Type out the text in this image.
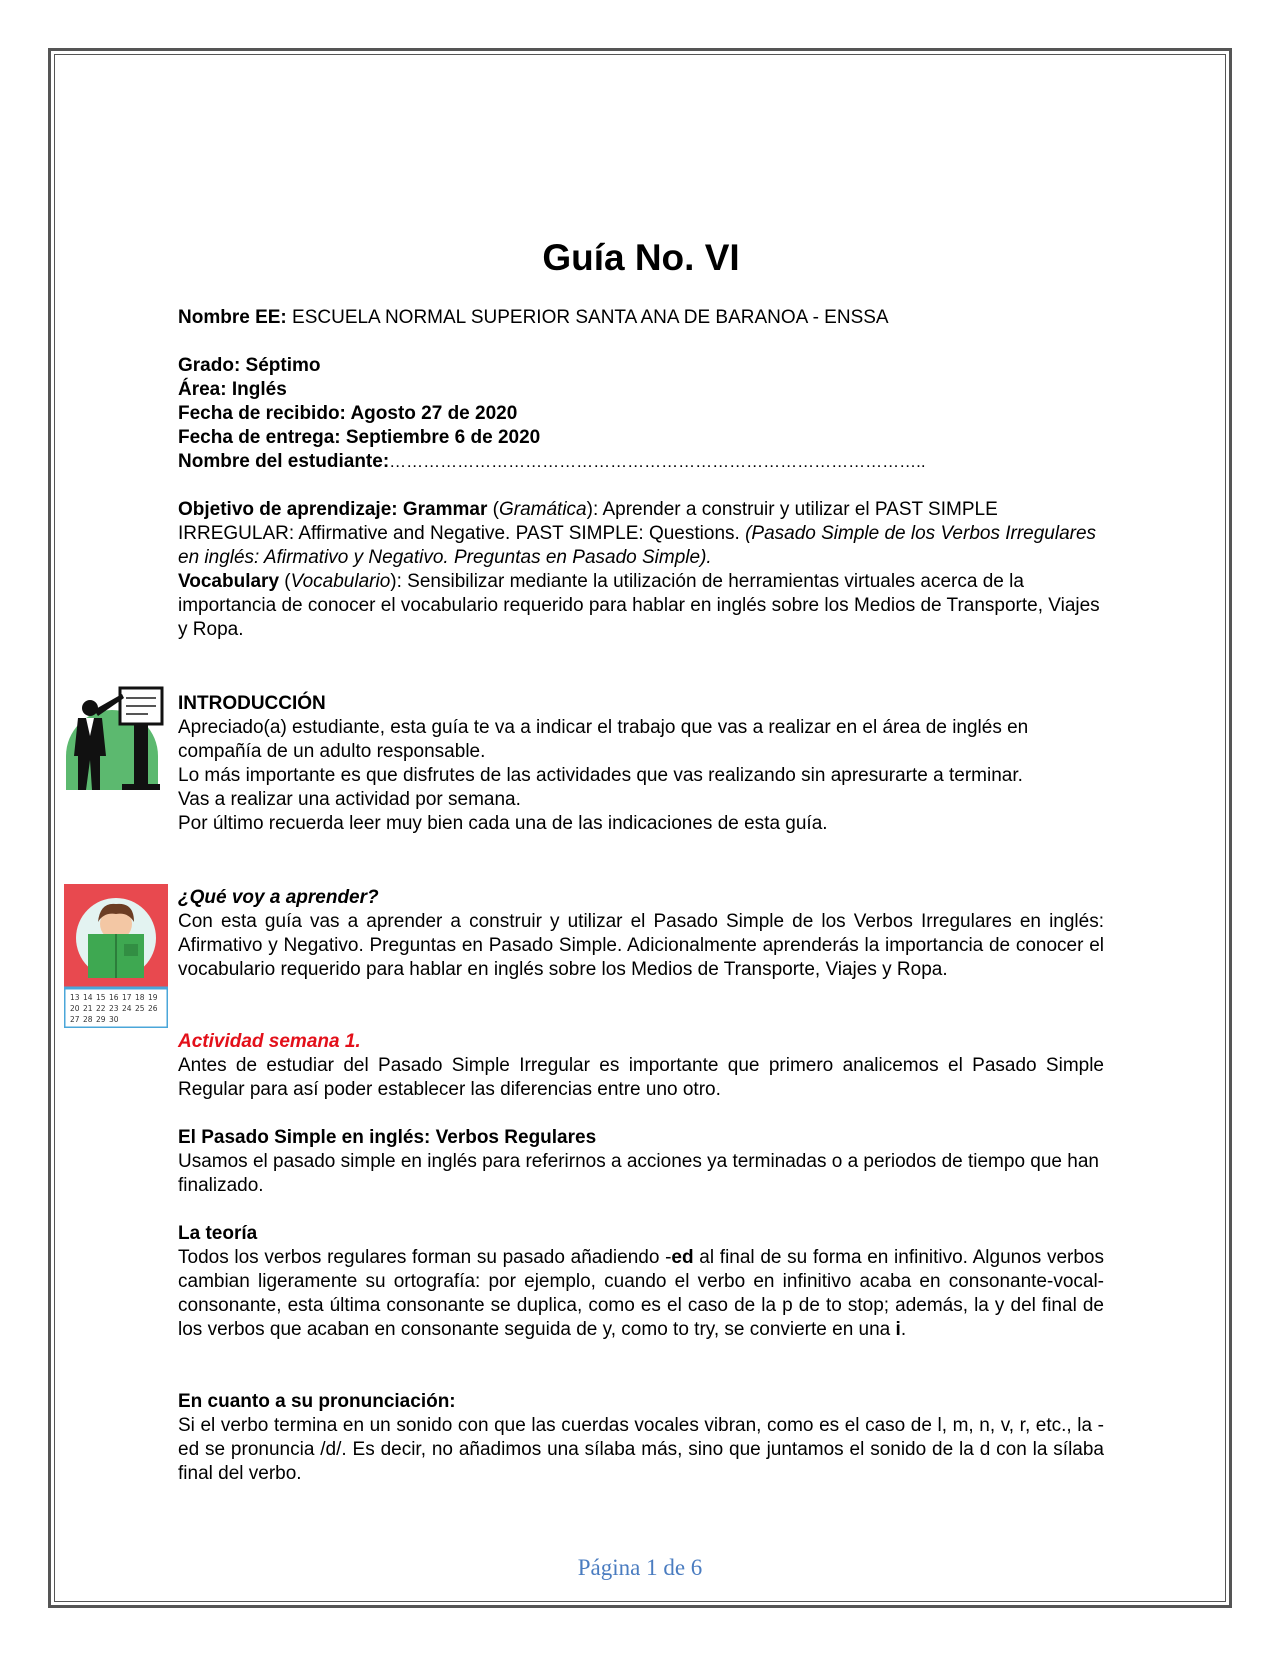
Guía No. VI
Nombre EE: ESCUELA NORMAL SUPERIOR SANTA ANA DE BARANOA - ENSSA

Grado: Séptimo

Área: Inglés

Fecha de recibido: Agosto 27 de 2020

Fecha de entrega: Septiembre 6 de 2020

Nombre del estudiante:…………………………………………………………………………………..

Objetivo de aprendizaje: Grammar (Gramática): Aprender a construir y utilizar el PAST SIMPLE IRREGULAR: Affirmative and Negative. PAST SIMPLE: Questions. (Pasado Simple de los Verbos Irregulares en inglés: Afirmativo y Negativo. Preguntas en Pasado Simple).

Vocabulary (Vocabulario): Sensibilizar mediante la utilización de herramientas virtuales acerca de la importancia de conocer el vocabulario requerido para hablar en inglés sobre los Medios de Transporte, Viajes y Ropa.

INTRODUCCIÓN

Apreciado(a) estudiante, esta guía te va a indicar el trabajo que vas a realizar en el área de inglés en compañía de un adulto responsable.

Lo más importante es que disfrutes de las actividades que vas realizando sin apresurarte a terminar.

Vas a realizar una actividad por semana.

Por último recuerda leer muy bien cada una de las indicaciones de esta guía.

¿Qué voy a aprender?

Con esta guía vas a aprender a construir y utilizar el Pasado Simple de los Verbos Irregulares en inglés: Afirmativo y Negativo. Preguntas en Pasado Simple. Adicionalmente aprenderás la importancia de conocer el vocabulario requerido para hablar en inglés sobre los Medios de Transporte, Viajes y Ropa.

Actividad semana 1.

Antes de estudiar del Pasado Simple Irregular es importante que primero analicemos el Pasado Simple Regular para así poder establecer las diferencias entre uno otro.

El Pasado Simple en inglés: Verbos Regulares

Usamos el pasado simple en inglés para referirnos a acciones ya terminadas o a periodos de tiempo que han finalizado.

La teoría

Todos los verbos regulares forman su pasado añadiendo -ed al final de su forma en infinitivo. Algunos verbos cambian ligeramente su ortografía: por ejemplo, cuando el verbo en infinitivo acaba en consonante-vocal-consonante, esta última consonante se duplica, como es el caso de la p de to stop; además, la y del final de los verbos que acaban en consonante seguida de y, como to try, se convierte en una i.

En cuanto a su pronunciación:

Si el verbo termina en un sonido con que las cuerdas vocales vibran, como es el caso de l, m, n, v, r, etc., la -ed se pronuncia /d/. Es decir, no añadimos una sílaba más, sino que juntamos el sonido de la d con la sílaba final del verbo.

13 14 15 16 17 18 19
20 21 22 23 24 25 26
27 28 29 30
Página 1 de 6
